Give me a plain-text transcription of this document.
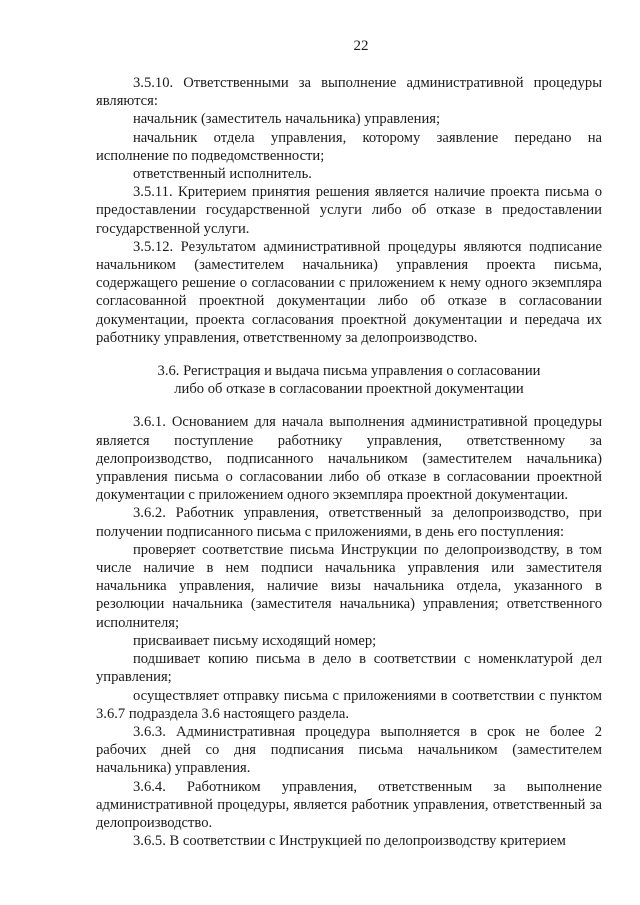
22

3.5.10. Ответственными за выполнение административной процедуры являются:

начальник (заместитель начальника) управления;

начальник отдела управления, которому заявление передано на исполнение по подведомственности;

ответственный исполнитель.

3.5.11. Критерием принятия решения является наличие проекта письма о предоставлении государственной услуги либо об отказе в предоставлении государственной услуги.

3.5.12. Результатом административной процедуры являются подписание начальником (заместителем начальника) управления проекта письма, содержащего решение о согласовании с приложением к нему одного экземпляра согласованной проектной документации либо об отказе в согласовании документации, проекта согласования проектной документации и передача их работнику управления, ответственному за делопроизводство.

3.6. Регистрация и выдача письма управления о согласовании
либо об отказе в согласовании проектной документации

3.6.1. Основанием для начала выполнения административной процедуры является поступление работнику управления, ответственному за делопроизводство, подписанного начальником (заместителем начальника) управления письма о согласовании либо об отказе в согласовании проектной документации с приложением одного экземпляра проектной документации.

3.6.2. Работник управления, ответственный за делопроизводство, при получении подписанного письма с приложениями, в день его поступления:

проверяет соответствие письма Инструкции по делопроизводству, в том числе наличие в нем подписи начальника управления или заместителя начальника управления, наличие визы начальника отдела, указанного в резолюции начальника (заместителя начальника) управления; ответственного исполнителя;

присваивает письму исходящий номер;

подшивает копию письма в дело в соответствии с номенклатурой дел управления;

осуществляет отправку письма с приложениями в соответствии с пунктом 3.6.7 подраздела 3.6 настоящего раздела.

3.6.3. Административная процедура выполняется в срок не более 2 рабочих дней со дня подписания письма начальником (заместителем начальника) управления.

3.6.4. Работником управления, ответственным за выполнение административной процедуры, является работник управления, ответственный за делопроизводство.

3.6.5. В соответствии с Инструкцией по делопроизводству критерием
